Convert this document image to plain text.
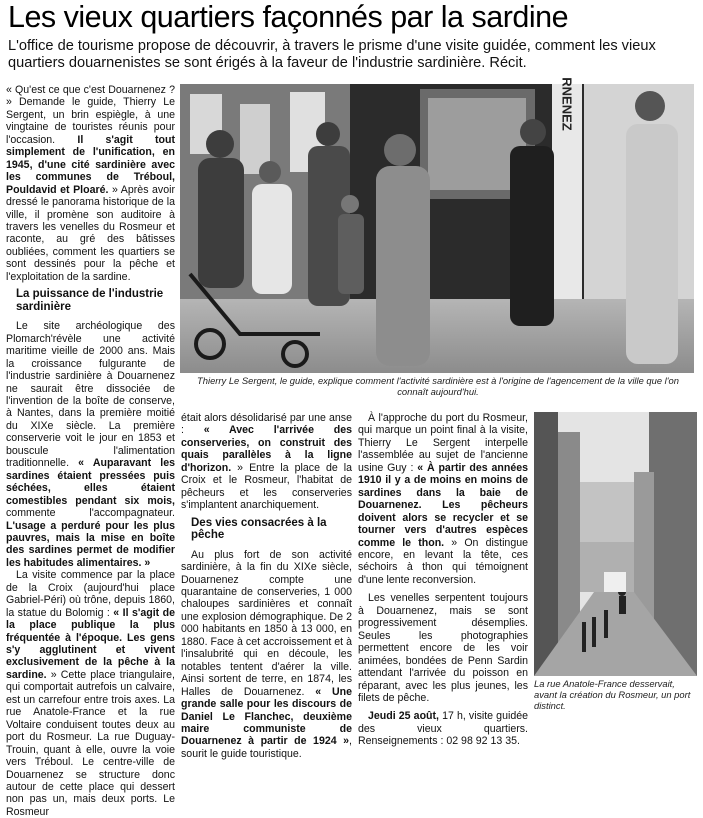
Les vieux quartiers façonnés par la sardine
L'office de tourisme propose de découvrir, à travers le prisme d'une visite guidée, comment les vieux quartiers douarnenistes se sont érigés à la faveur de l'industrie sardinière. Récit.

« Qu'est ce que c'est Douarnenez ? » Demande le guide, Thierry Le Sergent, un brin espiègle, à une vingtaine de touristes réunis pour l'occasion. Il s'agit tout simplement de l'unification, en 1945, d'une cité sardinière avec les communes de Tréboul, Pouldavid et Ploaré. » Après avoir dressé le panorama historique de la ville, il promène son auditoire à travers les venelles du Rosmeur et raconte, au gré des bâtisses oubliées, comment les quartiers se sont dessinés pour la pêche et l'exploitation de la sardine.

La puissance de l'industrie sardinière

Le site archéologique des Plomarch'révèle une activité maritime vieille de 2000 ans. Mais la croissance fulgurante de l'industrie sardinière à Douarnenez ne saurait être dissociée de l'invention de la boîte de conserve, à Nantes, dans la première moitié du XIXe siècle. La première conserverie voit le jour en 1853 et bouscule l'alimentation traditionnelle. « Auparavant les sardines étaient pressées puis séchées, elles étaient comestibles pendant six mois, commente l'accompagnateur. L'usage a perduré pour les plus pauvres, mais la mise en boîte des sardines permet de modifier les habitudes alimentaires. »

La visite commence par la place de la Croix (aujourd'hui place Gabriel-Péri) où trône, depuis 1860, la statue du Bolomig : « Il s'agit de la place publique la plus fréquentée à l'époque. Les gens s'y agglutinent et vivent exclusivement de la pêche à la sardine. » Cette place triangulaire, qui comportait autrefois un calvaire, est un carrefour entre trois axes. La rue Anatole-France et la rue Voltaire conduisent toutes deux au port du Rosmeur. La rue Duguay-Trouin, quant à elle, ouvre la voie vers Tréboul. Le centre-ville de Douarnenez se structure donc autour de cette place qui dessert non pas un, mais deux ports. Le Rosmeur

RNENEZ
Thierry Le Sergent, le guide, explique comment l'activité sardinière est à l'origine de l'agencement de la ville que l'on connaît aujourd'hui.

était alors désolidarisé par une anse : « Avec l'arrivée des conserveries, on construit des quais parallèles à la ligne d'horizon. » Entre la place de la Croix et le Rosmeur, l'habitat de pêcheurs et les conserveries s'implantent anarchiquement.

Des vies consacrées à la pêche

Au plus fort de son activité sardinière, à la fin du XIXe siècle, Douarnenez compte une quarantaine de conserveries, 1 000 chaloupes sardinières et connaît une explosion démographique. De 2 000 habitants en 1850 à 13 000, en 1880. Face à cet accroissement et à l'insalubrité qui en découle, les notables tentent d'aérer la ville. Ainsi sortent de terre, en 1874, les Halles de Douarnenez. « Une grande salle pour les discours de Daniel Le Flanchec, deuxième maire communiste de Douarnenez à partir de 1924 », sourit le guide touristique.

À l'approche du port du Rosmeur, qui marque un point final à la visite, Thierry Le Sergent interpelle l'assemblée au sujet de l'ancienne usine Guy : « À partir des années 1910 il y a de moins en moins de sardines dans la baie de Douarnenez. Les pêcheurs doivent alors se recycler et se tourner vers d'autres espèces comme le thon. » On distingue encore, en levant la tête, ces séchoirs à thon qui témoignent d'une lente reconversion.

Les venelles serpentent toujours à Douarnenez, mais se sont progressivement désemplies. Seules les photographies permettent encore de les voir animées, bondées de Penn Sardin attendant l'arrivée du poisson en réparant, avec les plus jeunes, les filets de pêche.

Jeudi 25 août, 17 h, visite guidée des vieux quartiers. Renseignements : 02 98 92 13 35.

La rue Anatole-France desservait, avant la création du Rosmeur, un port distinct.
